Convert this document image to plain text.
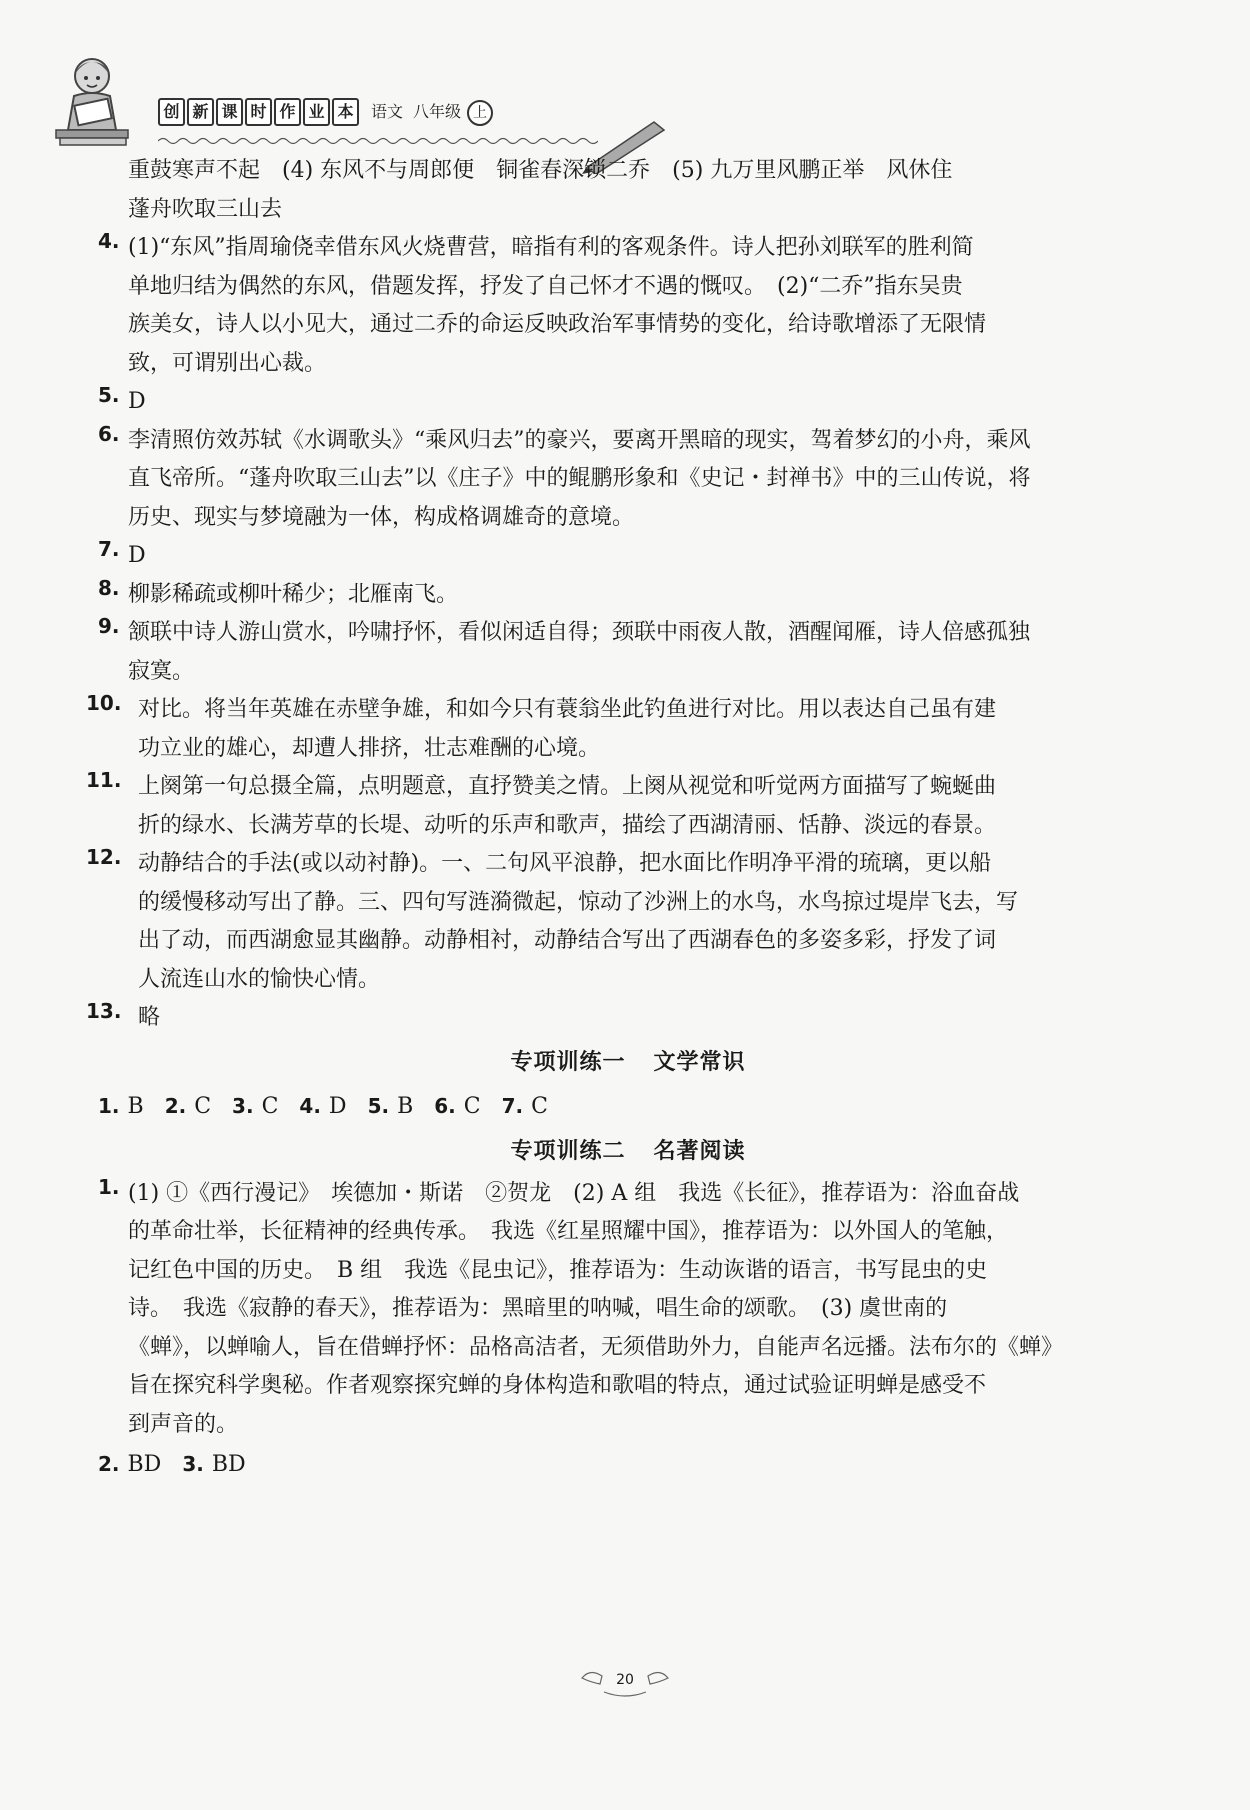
创 新 课 时 作 业 本	语文 八年级 上
重鼓寒声不起　(4) 东风不与周郎便　铜雀春深锁二乔　(5) 九万里风鹏正举　风休住
蓬舟吹取三山去
4. (1)“东风”指周瑜侥幸借东风火烧曹营，暗指有利的客观条件。诗人把孙刘联军的胜利简
单地归结为偶然的东风，借题发挥，抒发了自己怀才不遇的慨叹。　(2)“二乔”指东吴贵
族美女，诗人以小见大，通过二乔的命运反映政治军事情势的变化，给诗歌增添了无限情
致，可谓别出心裁。
5. D
6. 李清照仿效苏轼《水调歌头》“乘风归去”的豪兴，要离开黑暗的现实，驾着梦幻的小舟，乘风
直飞帝所。“蓬舟吹取三山去”以《庄子》中的鲲鹏形象和《史记・封禅书》中的三山传说，将
历史、现实与梦境融为一体，构成格调雄奇的意境。
7. D
8. 柳影稀疏或柳叶稀少；北雁南飞。
9. 颔联中诗人游山赏水，吟啸抒怀，看似闲适自得；颈联中雨夜人散，酒醒闻雁，诗人倍感孤独
寂寞。
10. 对比。将当年英雄在赤壁争雄，和如今只有蓑翁坐此钓鱼进行对比。用以表达自己虽有建
功立业的雄心，却遭人排挤，壮志难酬的心境。
11. 上阕第一句总摄全篇，点明题意，直抒赞美之情。上阕从视觉和听觉两方面描写了蜿蜒曲
折的绿水、长满芳草的长堤、动听的乐声和歌声，描绘了西湖清丽、恬静、淡远的春景。
12. 动静结合的手法(或以动衬静)。一、二句风平浪静，把水面比作明净平滑的琉璃，更以船
的缓慢移动写出了静。三、四句写涟漪微起，惊动了沙洲上的水鸟，水鸟掠过堤岸飞去，写
出了动，而西湖愈显其幽静。动静相衬，动静结合写出了西湖春色的多姿多彩，抒发了词
人流连山水的愉快心情。
13. 略
专项训练一 文学常识
1. B 2. C 3. C 4. D 5. B 6. C 7. C
专项训练二 名著阅读
1. (1) ①《西行漫记》　埃德加・斯诺　②贺龙　(2) A 组　我选《长征》，推荐语为：浴血奋战
的革命壮举，长征精神的经典传承。　我选《红星照耀中国》，推荐语为：以外国人的笔触，
记红色中国的历史。　B 组　我选《昆虫记》，推荐语为：生动诙谐的语言，书写昆虫的史
诗。　我选《寂静的春天》，推荐语为：黑暗里的呐喊，唱生命的颂歌。　(3) 虞世南的
《蝉》，以蝉喻人，旨在借蝉抒怀：品格高洁者，无须借助外力，自能声名远播。法布尔的《蝉》
旨在探究科学奥秘。作者观察探究蝉的身体构造和歌唱的特点，通过试验证明蝉是感受不
到声音的。
2. BD 3. BD
20
